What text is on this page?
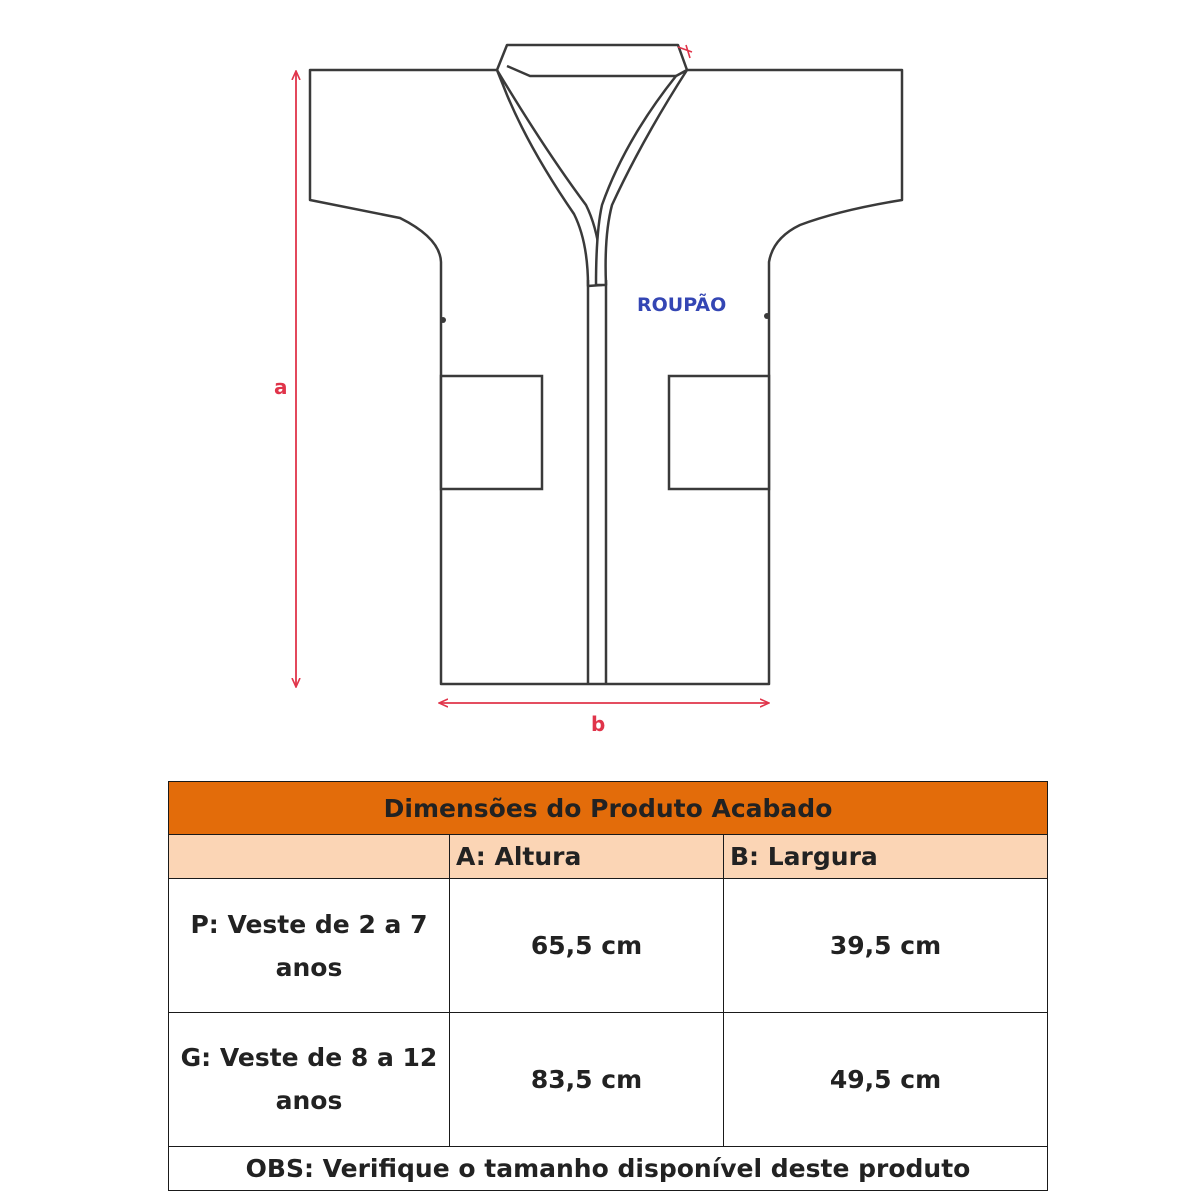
ROUPÃO
a
b
Dimensões do Produto Acabado		
	A: Altura	B: Largura
P: Veste de 2 a 7 anos	65,5 cm	39,5 cm
G: Veste de 8 a 12 anos	83,5 cm	49,5 cm
OBS: Verifique o tamanho disponível deste produto		
